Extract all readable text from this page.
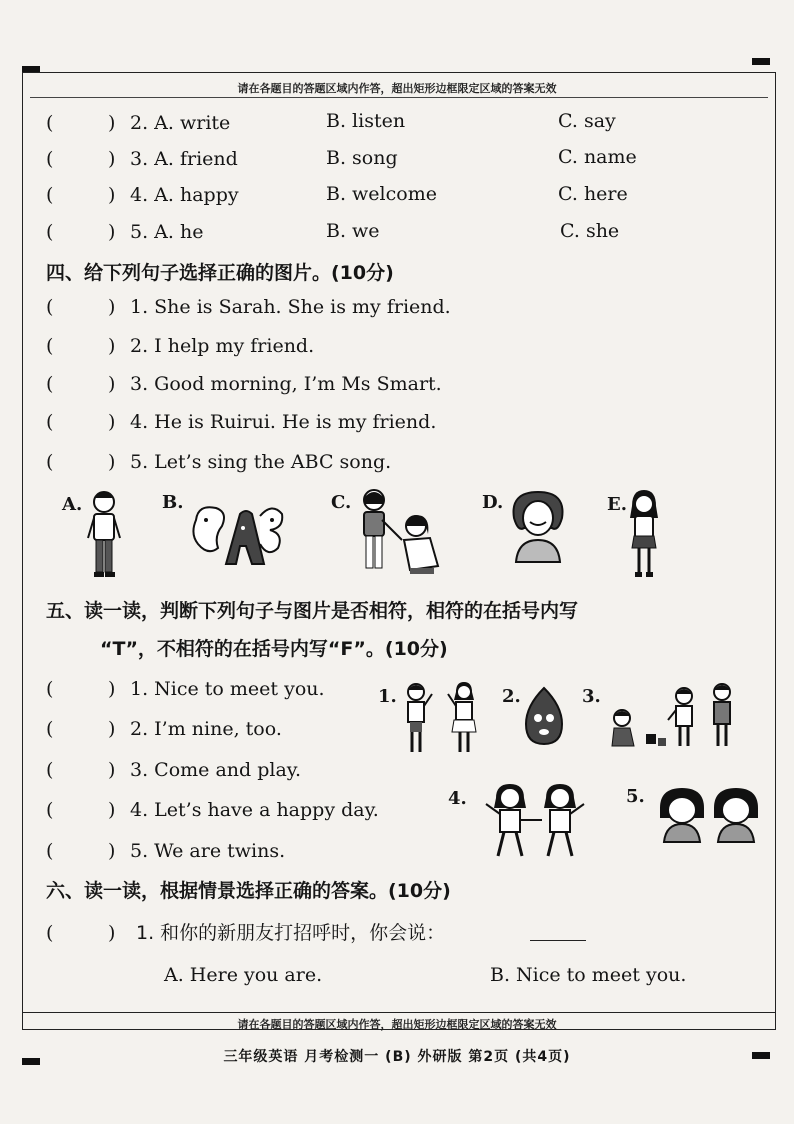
请在各题目的答题区域内作答，超出矩形边框限定区域的答案无效
(	) 2. A. write	B. listen	C. say
(	) 3. A. friend	B. song	C. name
(	) 4. A. happy	B. welcome	C. here
(	) 5. A. he	B. we	C. she
四、给下列句子选择正确的图片。(10分)
(	) 1. She is Sarah. She is my friend.
(	) 2. I help my friend.
(	) 3. Good morning, I’m Ms Smart.
(	) 4. He is Ruirui. He is my friend.
(	) 5. Let’s sing the ABC song.
A.	B.	C.	D.	E.
五、读一读，判断下列句子与图片是否相符，相符的在括号内写
“T”，不相符的在括号内写“F”。(10分)
(	) 1. Nice to meet you.
(	) 2. I’m nine, too.
(	) 3. Come and play.
(	) 4. Let’s have a happy day.
(	) 5. We are twins.
1.	2.	3.
4.	5.
六、读一读，根据情景选择正确的答案。(10分)
(	) 1. 和你的新朋友打招呼时，你会说：
A. Here you are.	B. Nice to meet you.
请在各题目的答题区域内作答，超出矩形边框限定区域的答案无效
三年级英语 月考检测一 (B) 外研版 第2页 (共4页)
